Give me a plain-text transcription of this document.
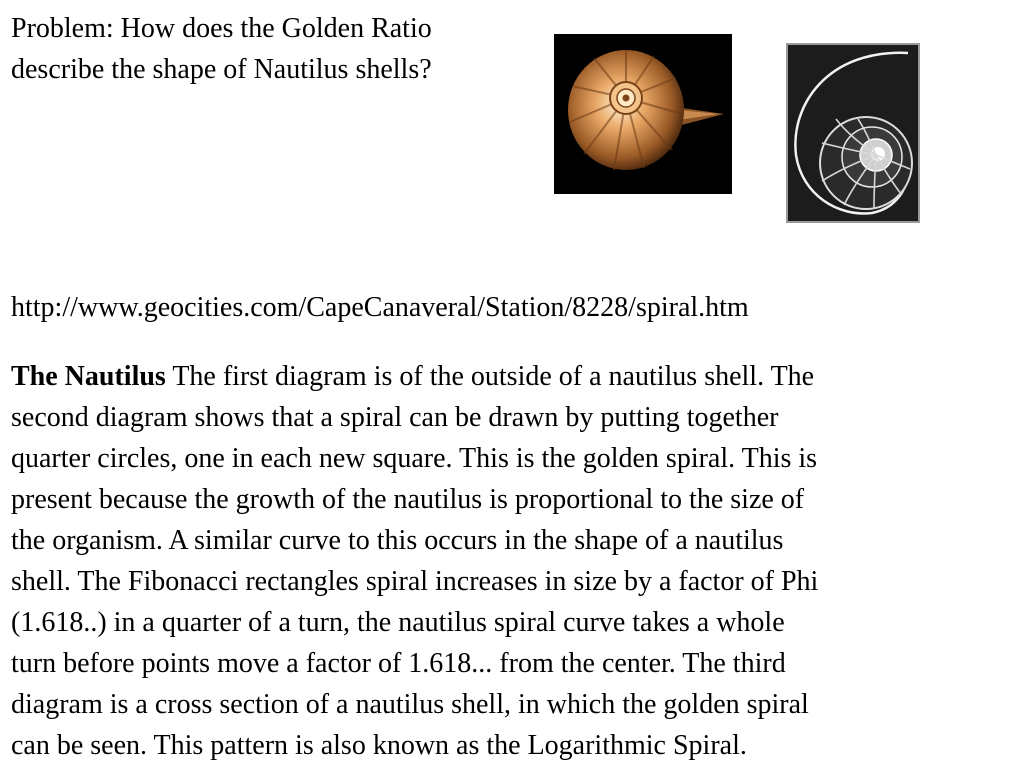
Problem: How does the Golden Ratio
describe the shape of Nautilus shells?

http://www.geocities.com/CapeCanaveral/Station/8228/spiral.htm

The Nautilus The first diagram is of the outside of a nautilus shell. The
second diagram shows that a spiral can be drawn by putting together
quarter circles, one in each new square. This is the golden spiral. This is
present because the growth of the nautilus is proportional to the size of
the organism. A similar curve to this occurs in the shape of a nautilus
shell. The Fibonacci rectangles spiral increases in size by a factor of Phi
(1.618..) in a quarter of a turn, the nautilus spiral curve takes a whole
turn before points move a factor of 1.618... from the center. The third
diagram is a cross section of a nautilus shell, in which the golden spiral
can be seen. This pattern is also known as the Logarithmic Spiral.
